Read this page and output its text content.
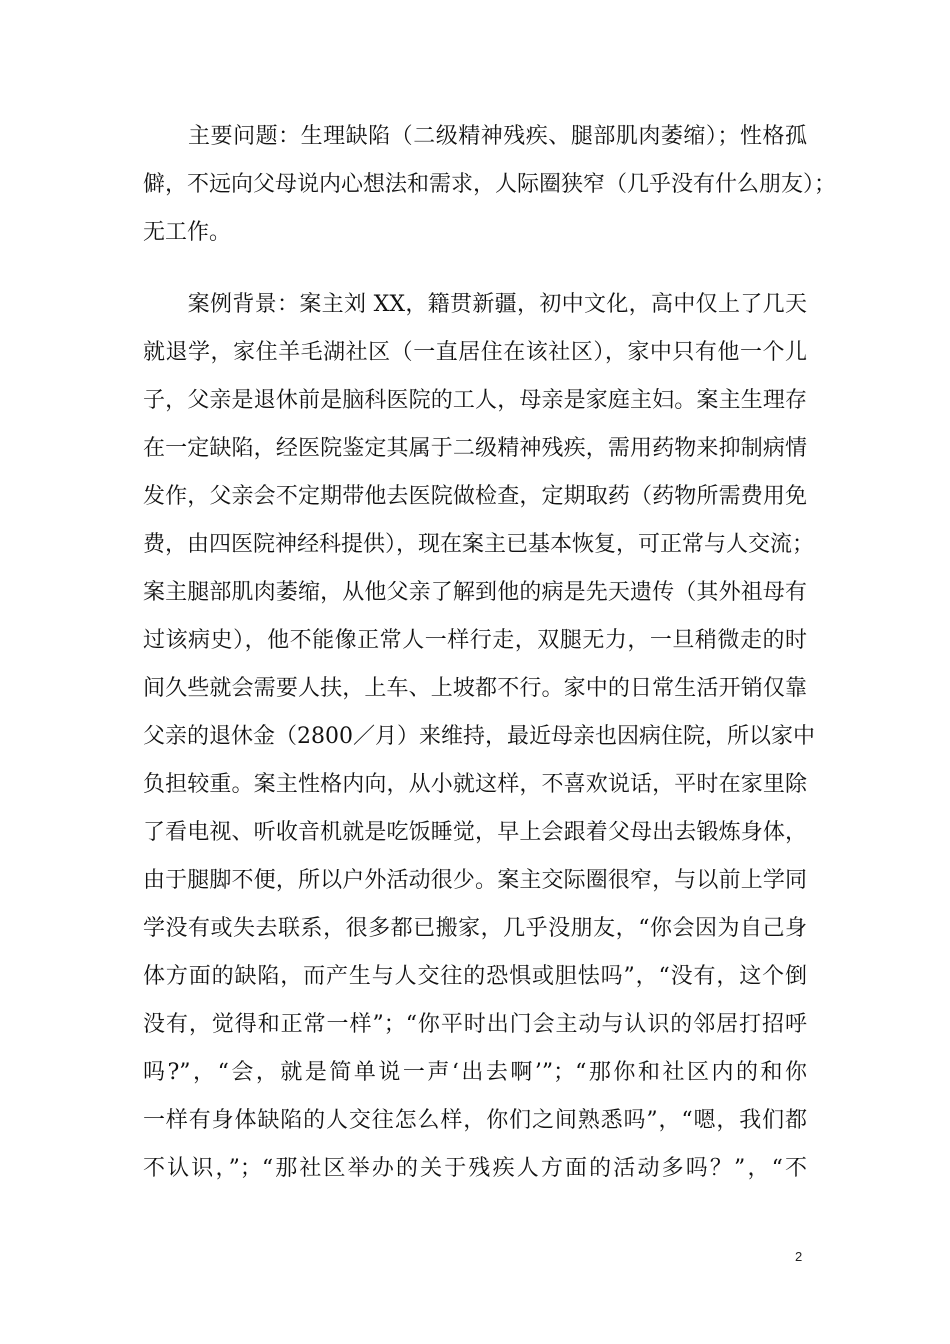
　　主要问题：生理缺陷（二级精神残疾、腿部肌肉萎缩）；性格孤
僻，不远向父母说内心想法和需求，人际圈狭窄（几乎没有什么朋友）；
无工作。
　　案例背景：案主刘 XX，籍贯新疆，初中文化，高中仅上了几天
就退学，家住羊毛湖社区（一直居住在该社区），家中只有他一个儿
子，父亲是退休前是脑科医院的工人，母亲是家庭主妇。案主生理存
在一定缺陷，经医院鉴定其属于二级精神残疾，需用药物来抑制病情
发作，父亲会不定期带他去医院做检查，定期取药（药物所需费用免
费，由四医院神经科提供），现在案主已基本恢复，可正常与人交流；
案主腿部肌肉萎缩，从他父亲了解到他的病是先天遗传（其外祖母有
过该病史），他不能像正常人一样行走，双腿无力，一旦稍微走的时
间久些就会需要人扶，上车、上坡都不行。家中的日常生活开销仅靠
父亲的退休金（2800／月）来维持，最近母亲也因病住院，所以家中
负担较重。案主性格内向，从小就这样，不喜欢说话，平时在家里除
了看电视、听收音机就是吃饭睡觉，早上会跟着父母出去锻炼身体，
由于腿脚不便，所以户外活动很少。案主交际圈很窄，与以前上学同
学没有或失去联系，很多都已搬家，几乎没朋友，“你会因为自己身
体方面的缺陷，而产生与人交往的恐惧或胆怯吗”，“没有，这个倒
没有，觉得和正常一样”；“你平时出门会主动与认识的邻居打招呼
吗?”，“会，就是简单说一声‘出去啊’”；“那你和社区内的和你
一样有身体缺陷的人交往怎么样，你们之间熟悉吗”，“嗯，我们都
不认识，”；“那社区举办的关于残疾人方面的活动多吗？”，“不
2
